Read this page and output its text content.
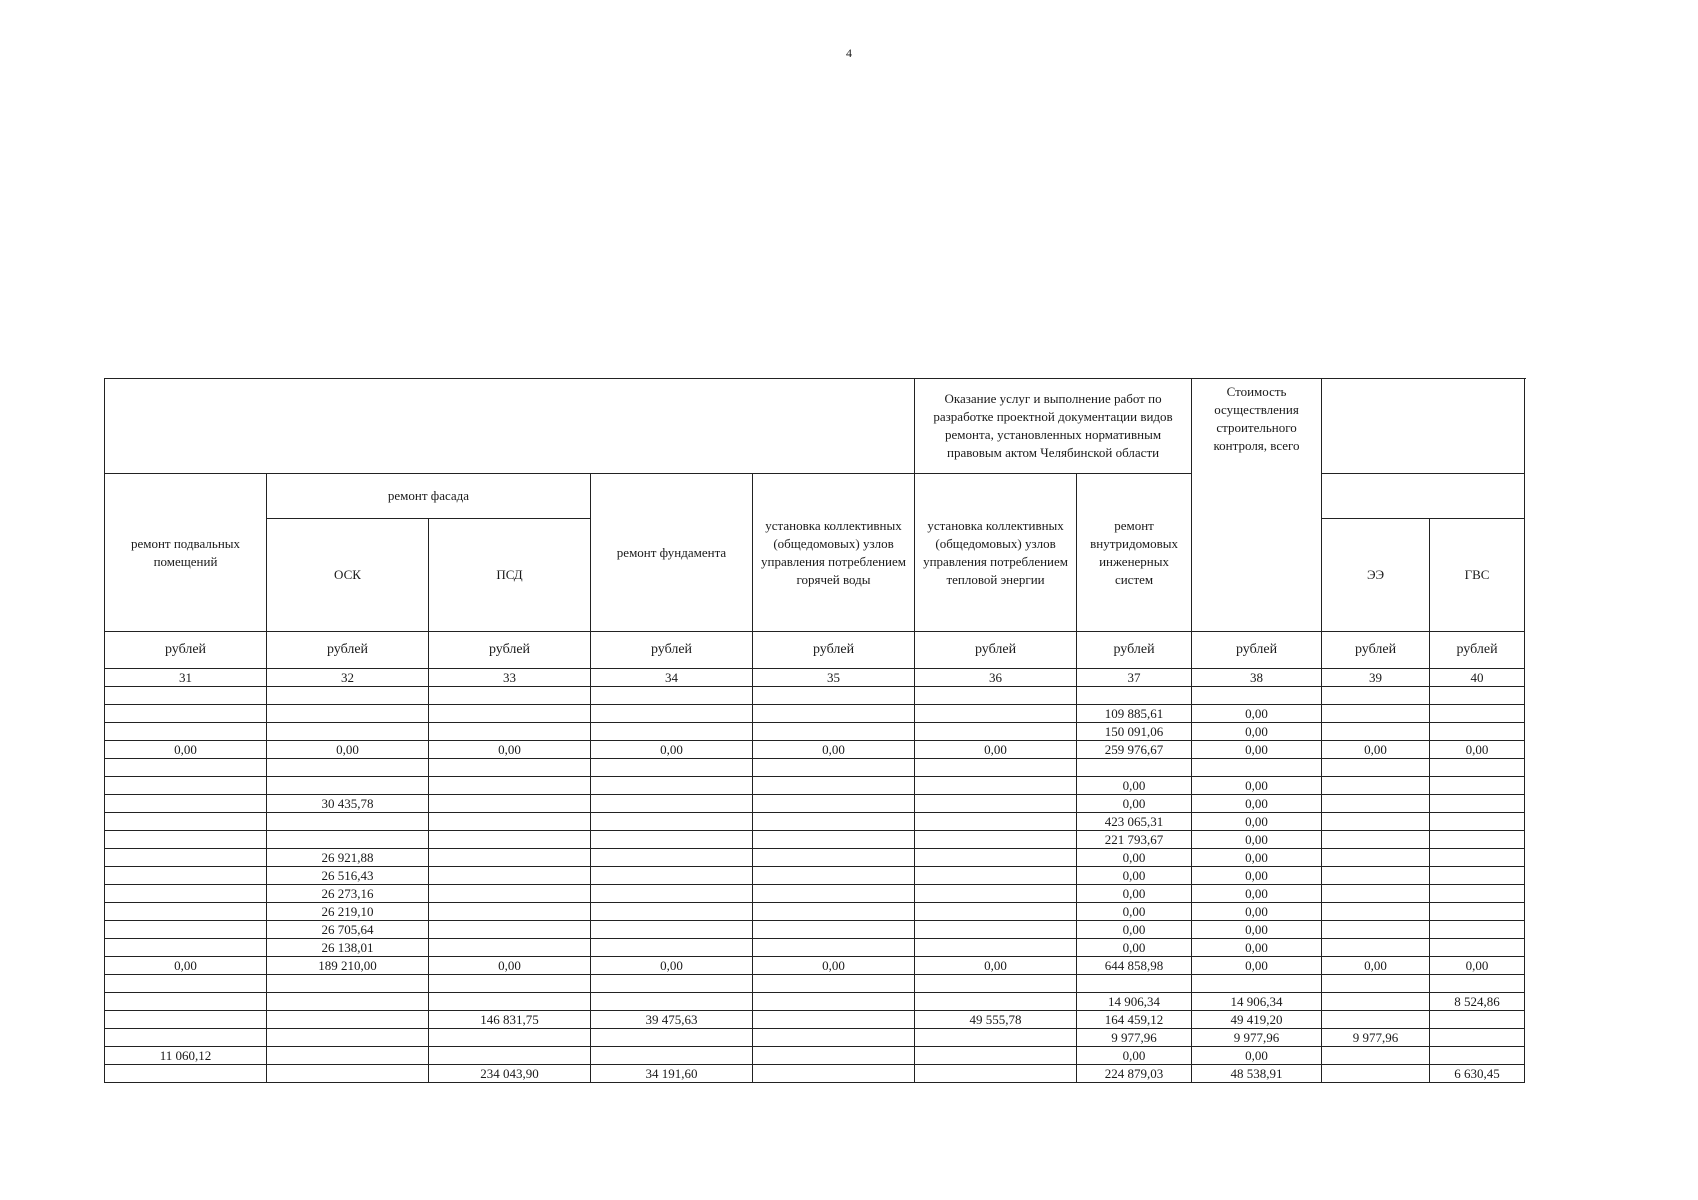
4
					Оказание услуг и выполнение работ по разработке проектной документации видов ремонта, установленных нормативным правовым актом Челябинской области		Стоимость осуществления строительного контроля, всего		
ремонт подвальных помещений	ремонт фасада		ремонт фундамента	установка коллективных (общедомовых) узлов управления потреблением горячей воды	установка коллективных (общедомовых) узлов управления потреблением тепловой энергии	ремонт внутридомовых инженерных систем			
	ОСК	ПСД						ЭЭ	ГВС
рублей	рублей	рублей	рублей	рублей	рублей	рублей	рублей	рублей	рублей
31	32	33	34	35	36	37	38	39	40

						109 885,61	0,00		
						150 091,06	0,00		
0,00	0,00	0,00	0,00	0,00	0,00	259 976,67	0,00	0,00	0,00

						0,00	0,00		
	30 435,78					0,00	0,00		
						423 065,31	0,00		
						221 793,67	0,00		
	26 921,88					0,00	0,00		
	26 516,43					0,00	0,00		
	26 273,16					0,00	0,00		
	26 219,10					0,00	0,00		
	26 705,64					0,00	0,00		
	26 138,01					0,00	0,00		
0,00	189 210,00	0,00	0,00	0,00	0,00	644 858,98	0,00	0,00	0,00

						14 906,34	14 906,34		8 524,86
		146 831,75	39 475,63		49 555,78	164 459,12	49 419,20		
						9 977,96	9 977,96	9 977,96	
11 060,12						0,00	0,00		
		234 043,90	34 191,60			224 879,03	48 538,91		6 630,45
